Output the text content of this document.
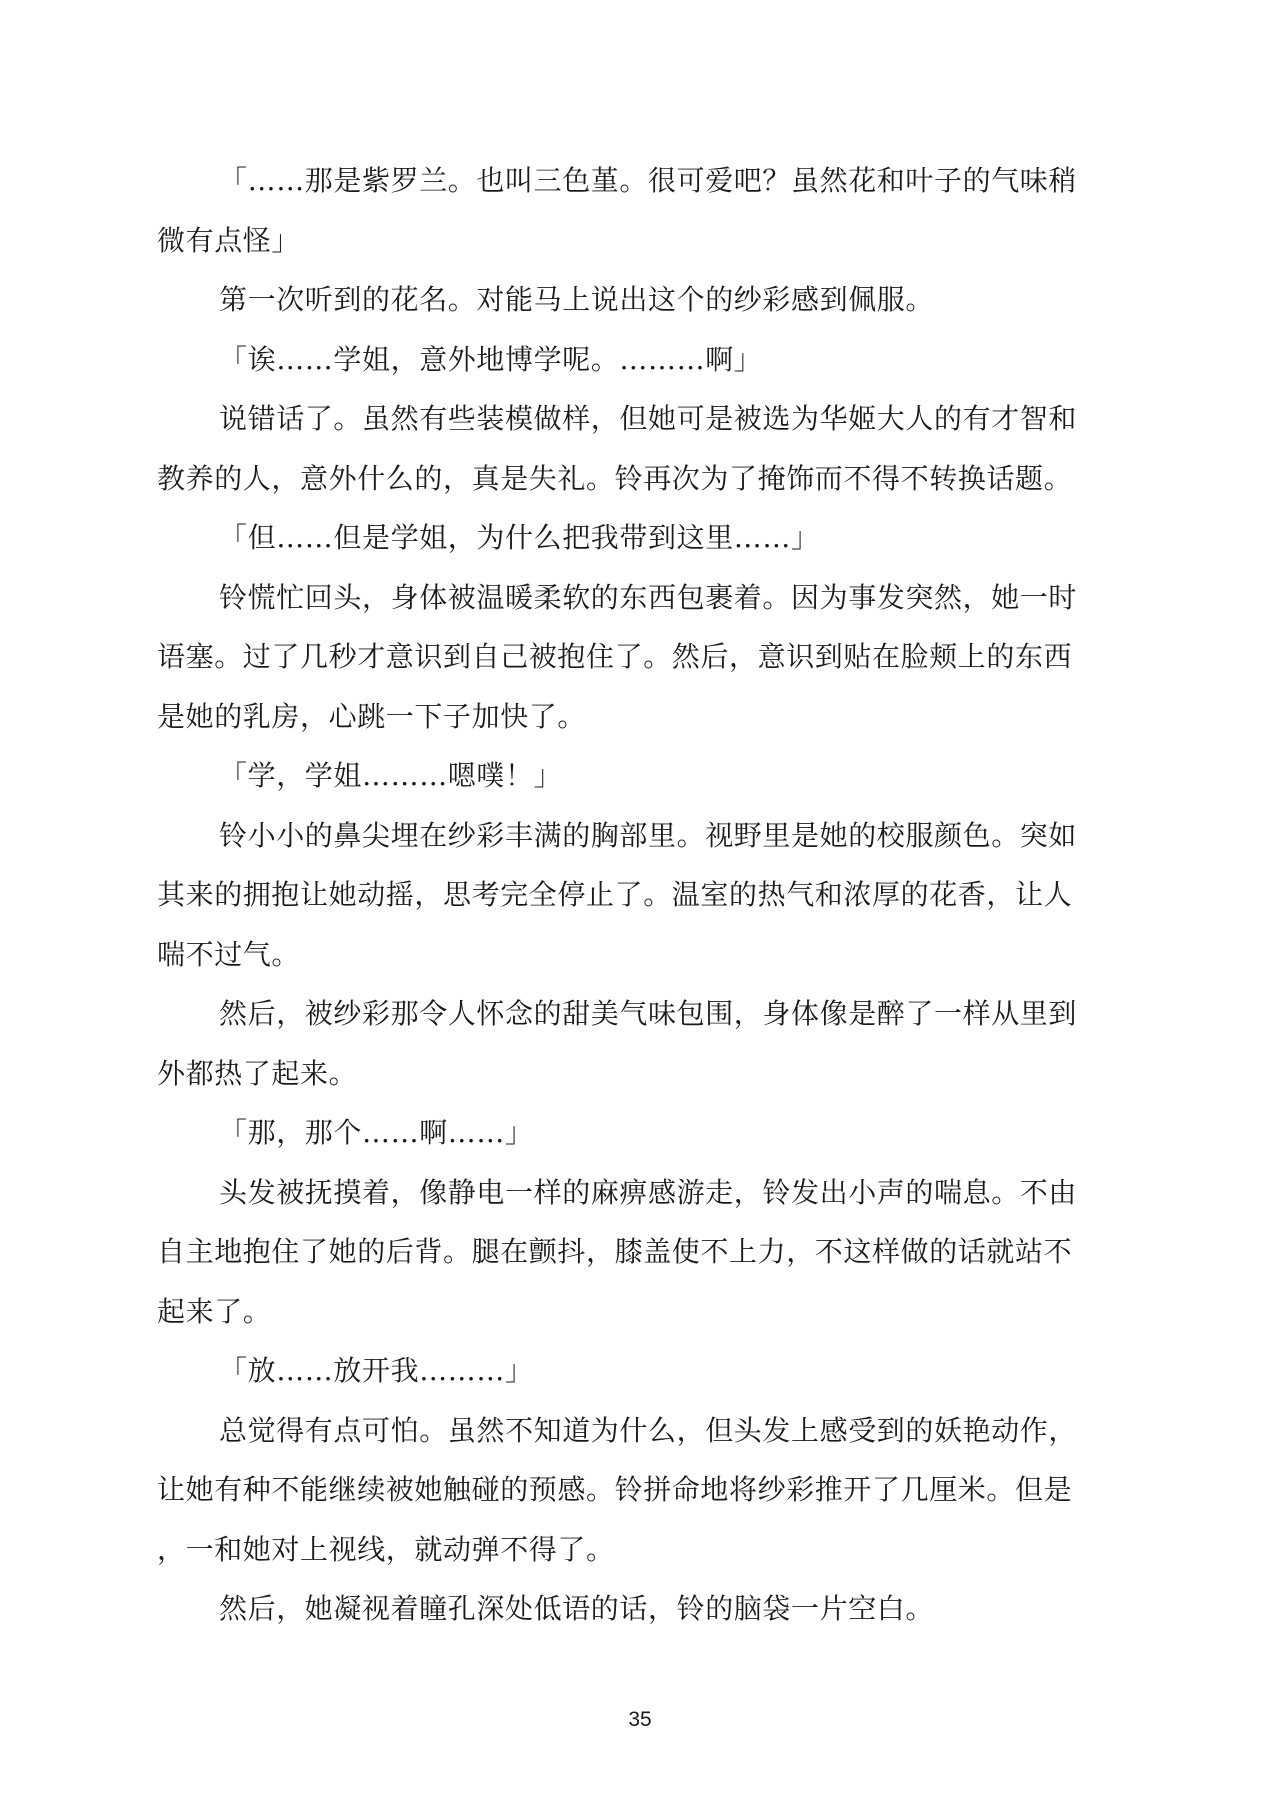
「……那是紫罗兰。也叫三色堇。很可爱吧？虽然花和叶子的气味稍
微有点怪」
第一次听到的花名。对能马上说出这个的纱彩感到佩服。
「诶……学姐，意外地博学呢。………啊」
说错话了。虽然有些装模做样，但她可是被选为华姬大人的有才智和
教养的人，意外什么的，真是失礼。铃再次为了掩饰而不得不转换话题。
「但……但是学姐，为什么把我带到这里……」
铃慌忙回头，身体被温暖柔软的东西包裹着。因为事发突然，她一时
语塞。过了几秒才意识到自己被抱住了。然后，意识到贴在脸颊上的东西
是她的乳房，心跳一下子加快了。
「学，学姐………嗯噗！」
铃小小的鼻尖埋在纱彩丰满的胸部里。视野里是她的校服颜色。突如
其来的拥抱让她动摇，思考完全停止了。温室的热气和浓厚的花香，让人
喘不过气。
然后，被纱彩那令人怀念的甜美气味包围，身体像是醉了一样从里到
外都热了起来。
「那，那个……啊……」
头发被抚摸着，像静电一样的麻痹感游走，铃发出小声的喘息。不由
自主地抱住了她的后背。腿在颤抖，膝盖使不上力，不这样做的话就站不
起来了。
「放……放开我………」
总觉得有点可怕。虽然不知道为什么，但头发上感受到的妖艳动作，
让她有种不能继续被她触碰的预感。铃拼命地将纱彩推开了几厘米。但是
，一和她对上视线，就动弹不得了。
然后，她凝视着瞳孔深处低语的话，铃的脑袋一片空白。
35
